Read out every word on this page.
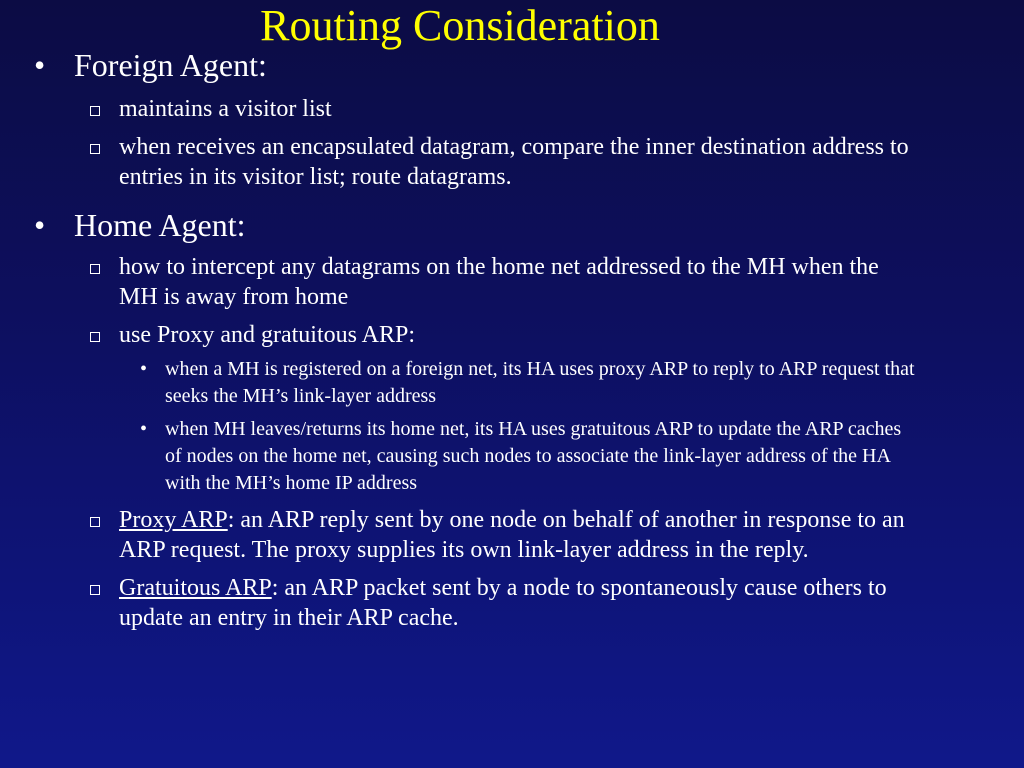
Routing Consideration
• Foreign Agent:
maintains a visitor list
when receives an encapsulated datagram, compare the inner destination address to entries in its visitor list; route datagrams.
• Home Agent:
how to intercept any datagrams on the home net addressed to the MH when the MH is away from home
use Proxy and gratuitous ARP:
• when a MH is registered on a foreign net, its HA uses proxy ARP to reply to ARP request that seeks the MH’s link-layer address
• when MH leaves/returns its home net, its HA uses gratuitous ARP to update the ARP caches of nodes on the home net, causing such nodes to associate the link-layer address of the HA with the MH’s home IP address
Proxy ARP: an ARP reply sent by one node on behalf of another in response to an ARP request. The proxy supplies its own link-layer address in the reply.
Gratuitous ARP: an ARP packet sent by a node to spontaneously cause others to update an entry in their ARP cache.
